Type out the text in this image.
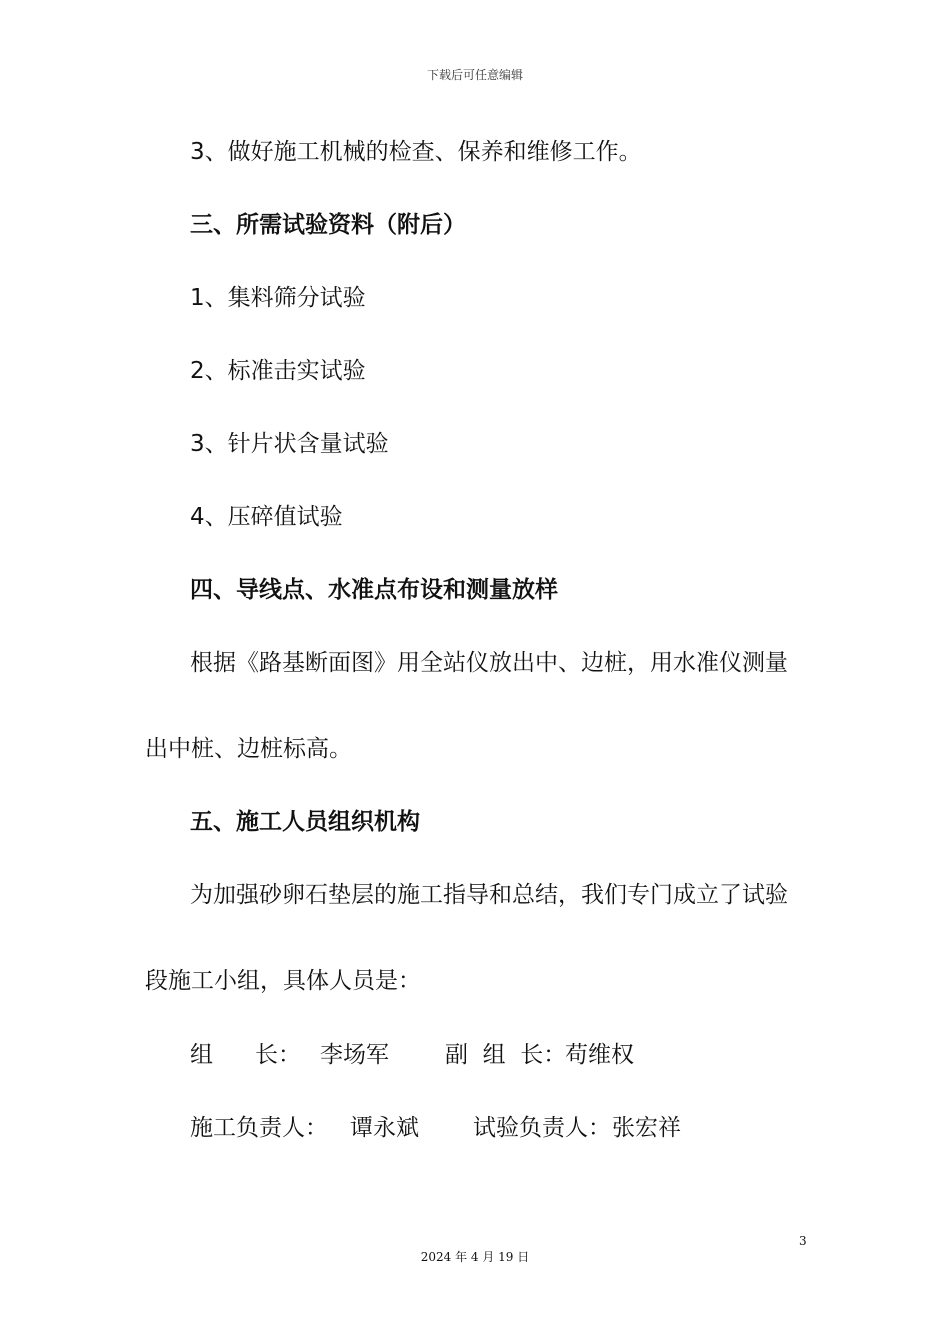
下载后可任意编辑
3、做好施工机械的检查、保养和维修工作。
三、所需试验资料（附后）
1、集料筛分试验
2、标准击实试验
3、针片状含量试验
4、压碎值试验
四、导线点、水准点布设和测量放样
根据《路基断面图》用全站仪放出中、边桩，用水准仪测量
出中桩、边桩标高。
五、施工人员组织机构
为加强砂卵石垫层的施工指导和总结，我们专门成立了试验
段施工小组，具体人员是：
组 长： 李场军 副  组  长：
苟维权
施工负责人： 谭永斌 试验负责人： 张宏祥
3
2024 年 4 月 19 日
